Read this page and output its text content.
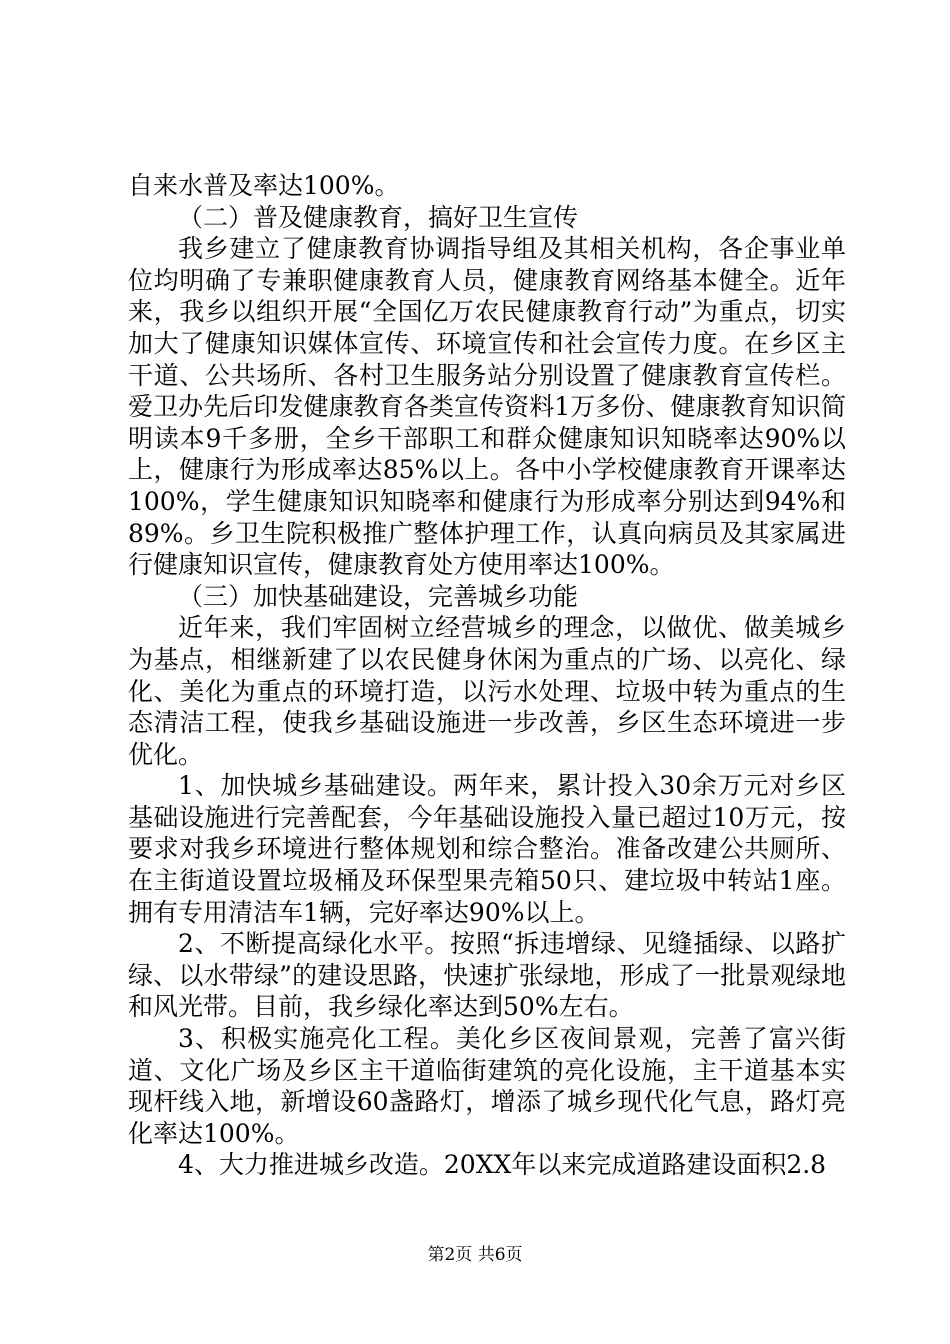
自来水普及率达100%。

（二）普及健康教育，搞好卫生宣传

我乡建立了健康教育协调指导组及其相关机构，各企事业单位均明确了专兼职健康教育人员，健康教育网络基本健全。近年来，我乡以组织开展“全国亿万农民健康教育行动”为重点，切实加大了健康知识媒体宣传、环境宣传和社会宣传力度。在乡区主干道、公共场所、各村卫生服务站分别设置了健康教育宣传栏。爱卫办先后印发健康教育各类宣传资料1万多份、健康教育知识简明读本9千多册，全乡干部职工和群众健康知识知晓率达90%以上，健康行为形成率达85%以上。各中小学校健康教育开课率达100%，学生健康知识知晓率和健康行为形成率分别达到94%和89%。乡卫生院积极推广整体护理工作，认真向病员及其家属进行健康知识宣传，健康教育处方使用率达100%。

（三）加快基础建设，完善城乡功能

近年来，我们牢固树立经营城乡的理念，以做优、做美城乡为基点，相继新建了以农民健身休闲为重点的广场、以亮化、绿化、美化为重点的环境打造，以污水处理、垃圾中转为重点的生态清洁工程，使我乡基础设施进一步改善，乡区生态环境进一步优化。

1、加快城乡基础建设。两年来，累计投入30余万元对乡区基础设施进行完善配套，今年基础设施投入量已超过10万元，按要求对我乡环境进行整体规划和综合整治。准备改建公共厕所、在主街道设置垃圾桶及环保型果壳箱50只、建垃圾中转站1座。拥有专用清洁车1辆，完好率达90%以上。

2、不断提高绿化水平。按照“拆违增绿、见缝插绿、以路扩绿、以水带绿”的建设思路，快速扩张绿地，形成了一批景观绿地和风光带。目前，我乡绿化率达到50%左右。

3、积极实施亮化工程。美化乡区夜间景观，完善了富兴街道、文化广场及乡区主干道临街建筑的亮化设施，主干道基本实现杆线入地，新增设60盏路灯，增添了城乡现代化气息，路灯亮化率达100%。

4、大力推进城乡改造。20XX年以来完成道路建设面积2.8

第2页 共6页
